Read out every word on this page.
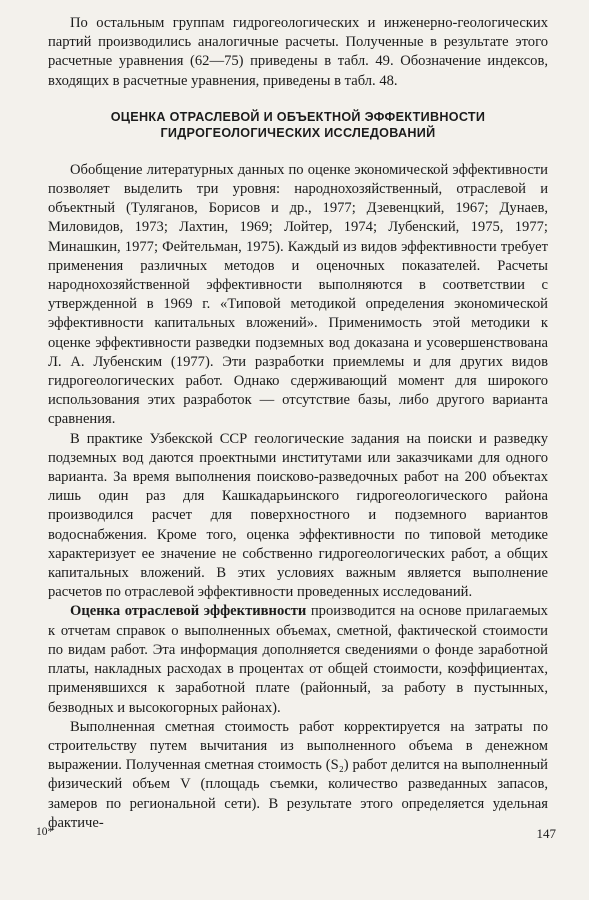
По остальным группам гидрогеологических и инженерно-геологических партий производились аналогичные расчеты. Полученные в результате этого расчетные уравнения (62—75) приведены в табл. 49. Обозначение индексов, входящих в расчетные уравнения, приведены в табл. 48.

ОЦЕНКА ОТРАСЛЕВОЙ И ОБЪЕКТНОЙ ЭФФЕКТИВНОСТИ
ГИДРОГЕОЛОГИЧЕСКИХ ИССЛЕДОВАНИЙ

Обобщение литературных данных по оценке экономической эффективности позволяет выделить три уровня: народнохозяйственный, отраслевой и объектный (Туляганов, Борисов и др., 1977; Дзевенцкий, 1967; Дунаев, Миловидов, 1973; Лахтин, 1969; Лойтер, 1974; Лубенский, 1975, 1977; Минашкин, 1977; Фейтельман, 1975). Каждый из видов эффективности требует применения различных методов и оценочных показателей. Расчеты народнохозяйственной эффективности выполняются в соответствии с утвержденной в 1969 г. «Типовой методикой определения экономической эффективности капитальных вложений». Применимость этой методики к оценке эффективности разведки подземных вод доказана и усовершенствована Л. А. Лубенским (1977). Эти разработки приемлемы и для других видов гидрогеологических работ. Однако сдерживающий момент для широкого использования этих разработок — отсутствие базы, либо другого варианта сравнения.

В практике Узбекской ССР геологические задания на поиски и разведку подземных вод даются проектными институтами или заказчиками для одного варианта. За время выполнения поисково-разведочных работ на 200 объектах лишь один раз для Кашкадарьинского гидрогеологического района производился расчет для поверхностного и подземного вариантов водоснабжения. Кроме того, оценка эффективности по типовой методике характеризует ее значение не собственно гидрогеологических работ, а общих капитальных вложений. В этих условиях важным является выполнение расчетов по отраслевой эффективности проведенных исследований.

Оценка отраслевой эффективности производится на основе прилагаемых к отчетам справок о выполненных объемах, сметной, фактической стоимости по видам работ. Эта информация дополняется сведениями о фонде заработной платы, накладных расходах в процентах от общей стоимости, коэффициентах, применявшихся к заработной плате (районный, за работу в пустынных, безводных и высокогорных районах).

Выполненная сметная стоимость работ корректируется на затраты по строительству путем вычитания из выполненного объема в денежном выражении. Полученная сметная стоимость (S₂) работ делится на выполненный физический объем V (площадь съемки, количество разведанных запасов, замеров по региональной сети). В результате этого определяется удельная фактиче-

10*	147
